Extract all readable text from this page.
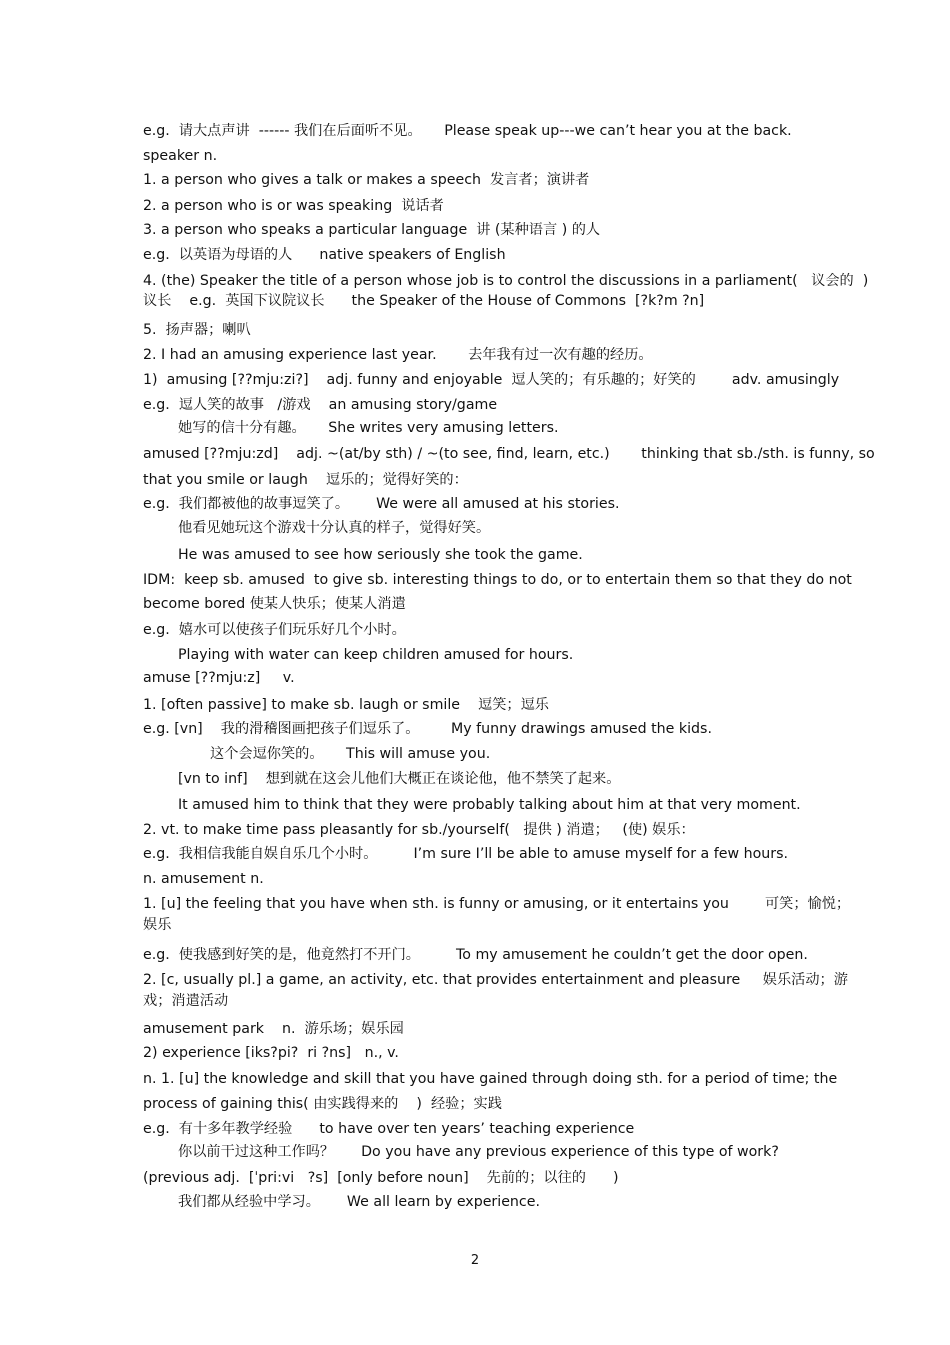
e.g.  请大点声讲  ------ 我们在后面听不见。     Please speak up---we can’t hear you at the back.
speaker n.
1. a person who gives a talk or makes a speech  发言者；演讲者
2. a person who is or was speaking  说话者
3. a person who speaks a particular language  讲 (某种语言 ) 的人
e.g.  以英语为母语的人      native speakers of English
4. (the) Speaker the title of a person whose job is to control the discussions in a parliament(   议会的  )
议长    e.g.  英国下议院议长      the Speaker of the House of Commons  [?k?m ?n]
5.  扬声器；喇叭
2. I had an amusing experience last year.       去年我有过一次有趣的经历。
1)  amusing [??mju:zi?]    adj. funny and enjoyable  逗人笑的；有乐趣的；好笑的        adv. amusingly
e.g.  逗人笑的故事   /游戏    an amusing story/game
她写的信十分有趣。     She writes very amusing letters.
amused [??mju:zd]    adj. ~(at/by sth) / ~(to see, find, learn, etc.)       thinking that sb./sth. is funny, so
that you smile or laugh    逗乐的；觉得好笑的：
e.g.  我们都被他的故事逗笑了。      We were all amused at his stories.
他看见她玩这个游戏十分认真的样子，觉得好笑。
He was amused to see how seriously she took the game.
IDM:  keep sb. amused  to give sb. interesting things to do, or to entertain them so that they do not
become bored 使某人快乐；使某人消遣
e.g.  嬉水可以使孩子们玩乐好几个小时。
Playing with water can keep children amused for hours.
amuse [??mju:z]     v.
1. [often passive] to make sb. laugh or smile    逗笑；逗乐
e.g. [vn]    我的滑稽图画把孩子们逗乐了。       My funny drawings amused the kids.
这个会逗你笑的。     This will amuse you.
[vn to inf]    想到就在这会儿他们大概正在谈论他，他不禁笑了起来。
It amused him to think that they were probably talking about him at that very moment.
2. vt. to make time pass pleasantly for sb./yourself(   提供 ) 消遣；   (使) 娱乐：
e.g.  我相信我能自娱自乐几个小时。        I’m sure I’ll be able to amuse myself for a few hours.
n. amusement n.
1. [u] the feeling that you have when sth. is funny or amusing, or it entertains you        可笑；愉悦；
娱乐
e.g.  使我感到好笑的是，他竟然打不开门。        To my amusement he couldn’t get the door open.
2. [c, usually pl.] a game, an activity, etc. that provides entertainment and pleasure     娱乐活动；游
戏；消遣活动
amusement park    n.  游乐场；娱乐园
2) experience [iks?pi?  ri ?ns]   n., v.
n. 1. [u] the knowledge and skill that you have gained through doing sth. for a period of time; the
process of gaining this( 由实践得来的    )  经验；实践
e.g.  有十多年教学经验      to have over ten years’ teaching experience
你以前干过这种工作吗？      Do you have any previous experience of this type of work?
(previous adj.  [ˈpri:vi   ?s]  [only before noun]    先前的；以往的      )
我们都从经验中学习。      We all learn by experience.
2
